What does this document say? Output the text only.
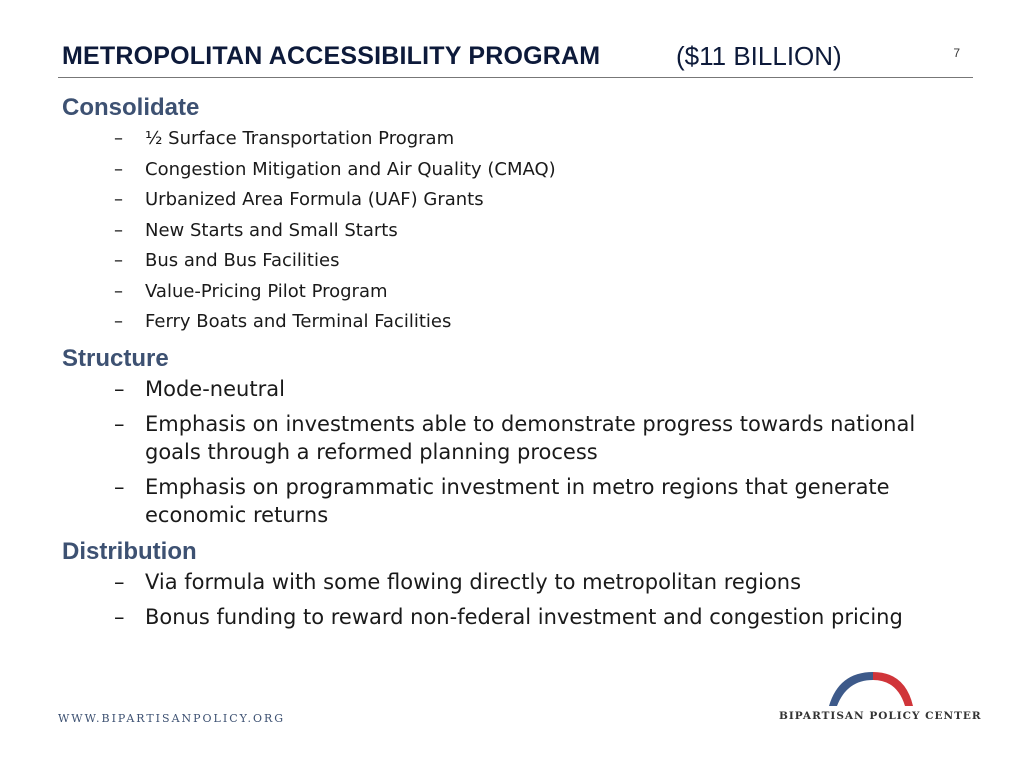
METROPOLITAN ACCESSIBILITY PROGRAM	($11 BILLION)	7
Consolidate
– ½ Surface Transportation Program
– Congestion Mitigation and Air Quality (CMAQ)
– Urbanized Area Formula (UAF) Grants
– New Starts and Small Starts
– Bus and Bus Facilities
– Value-Pricing Pilot Program
– Ferry Boats and Terminal Facilities
Structure
– Mode-neutral
– Emphasis on investments able to demonstrate progress towards national goals through a reformed planning process
– Emphasis on programmatic investment in metro regions that generate economic returns
Distribution
– Via formula with some flowing directly to metropolitan regions
– Bonus funding to reward non-federal investment and congestion pricing
WWW.BIPARTISANPOLICY.ORG	BIPARTISAN POLICY CENTER
